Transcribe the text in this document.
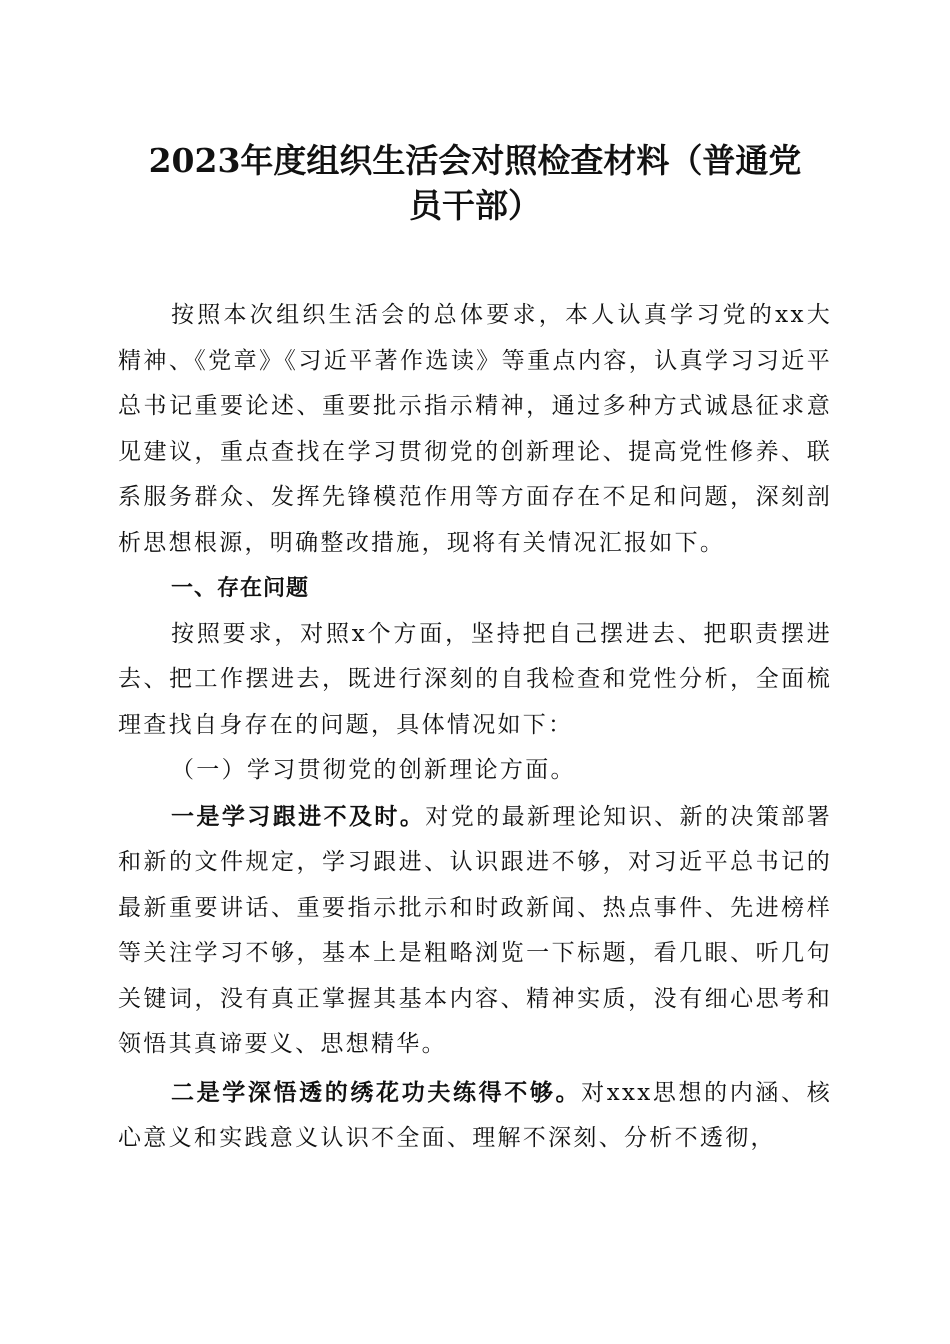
2023年度组织生活会对照检查材料（普通党
员干部）

按照本次组织生活会的总体要求，本人认真学习党的xx大精神、《党章》《习近平著作选读》等重点内容，认真学习习近平总书记重要论述、重要批示指示精神，通过多种方式诚恳征求意见建议，重点查找在学习贯彻党的创新理论、提高党性修养、联系服务群众、发挥先锋模范作用等方面存在不足和问题，深刻剖析思想根源，明确整改措施，现将有关情况汇报如下。

一、存在问题

按照要求，对照x个方面，坚持把自己摆进去、把职责摆进去、把工作摆进去，既进行深刻的自我检查和党性分析，全面梳理查找自身存在的问题，具体情况如下：

（一）学习贯彻党的创新理论方面。

一是学习跟进不及时。对党的最新理论知识、新的决策部署和新的文件规定，学习跟进、认识跟进不够，对习近平总书记的最新重要讲话、重要指示批示和时政新闻、热点事件、先进榜样等关注学习不够，基本上是粗略浏览一下标题，看几眼、听几句关键词，没有真正掌握其基本内容、精神实质，没有细心思考和领悟其真谛要义、思想精华。

二是学深悟透的绣花功夫练得不够。对xxx思想的内涵、核心意义和实践意义认识不全面、理解不深刻、分析不透彻，
